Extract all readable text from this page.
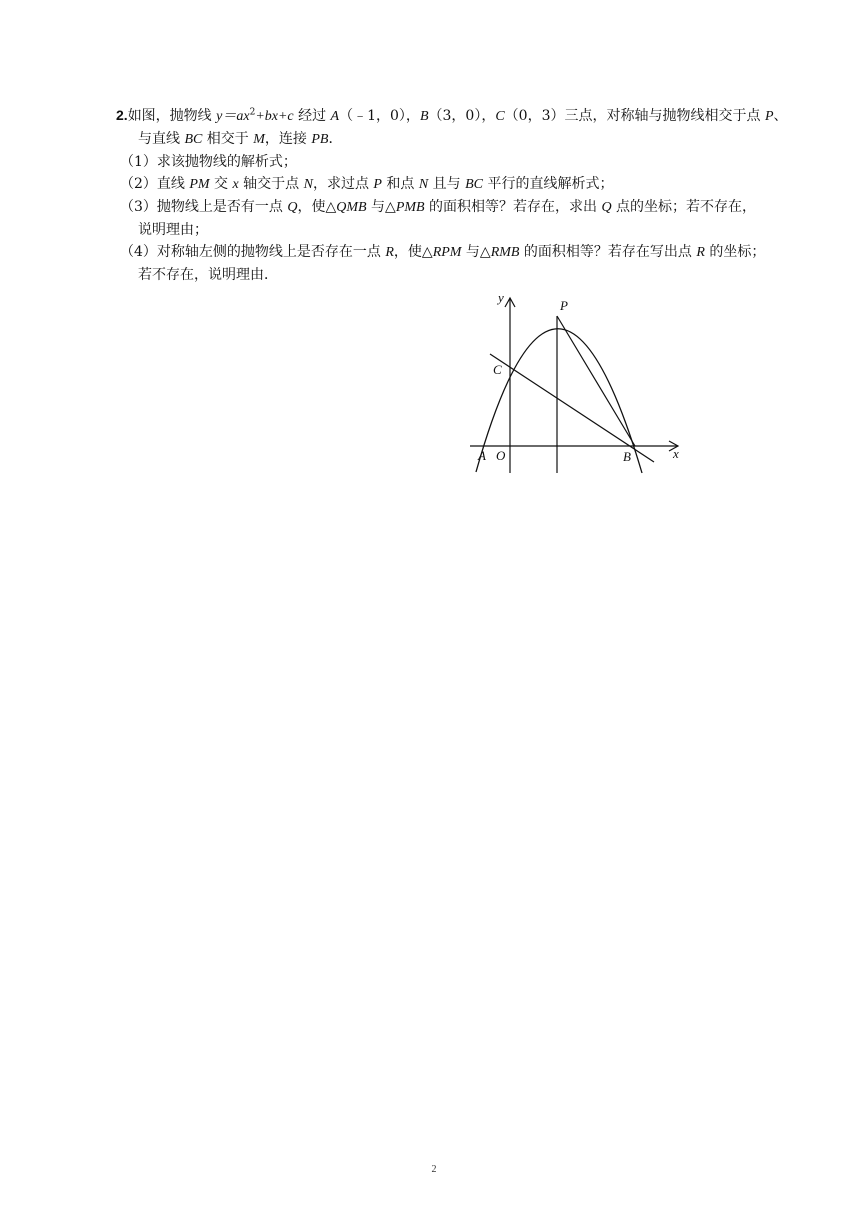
2.如图，抛物线 $y=ax^2+bx+c$ 经过 A（﹣1，0），B（3，0），C（0，3）三点，对称轴与抛物线相交于点 P、
与直线 BC 相交于 M，连接 PB．
（1）求该抛物线的解析式；
（2）直线 PM 交 x 轴交于点 N，求过点 P 和点 N 且与 BC 平行的直线解析式；
（3）抛物线上是否有一点 Q，使△QMB 与△PMB 的面积相等？若存在，求出 Q 点的坐标；若不存在，
说明理由；
（4）对称轴左侧的抛物线上是否存在一点 R，使△RPM 与△RMB 的面积相等？若存在写出点 R 的坐标；
若不存在，说明理由．
y
x
P
C
A O	B
2
